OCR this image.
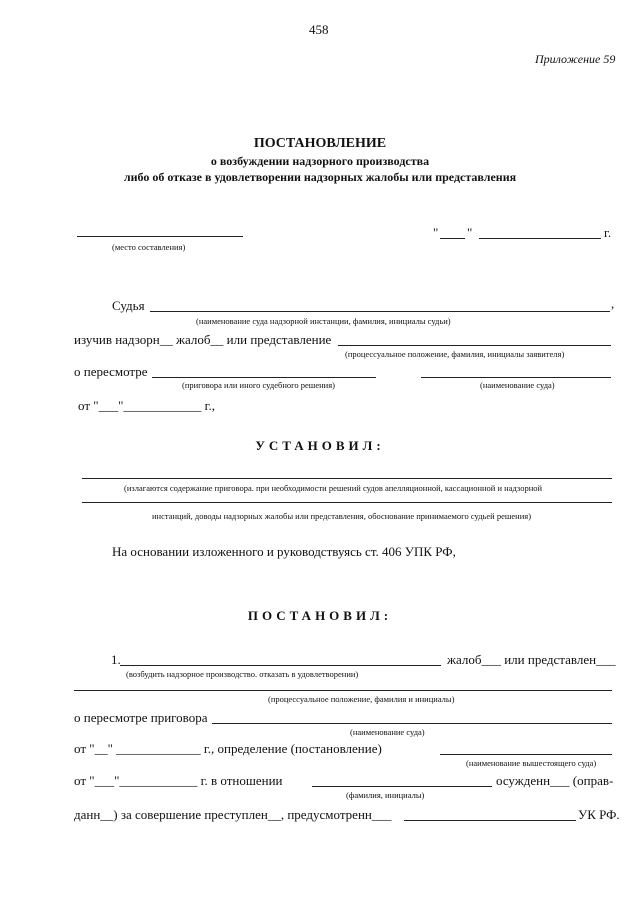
458
Приложение 59
ПОСТАНОВЛЕНИЕ
о возбуждении надзорного производства
либо об отказе в удовлетворении надзорных жалобы или представления
(место составления)
" "	г.
Судья	,
(наименование суда надзорной инстанции, фамилия, инициалы судьи)
изучив надзорн__ жалоб__ или представление
(процессуальное положение, фамилия, инициалы заявителя)
о пересмотре
(приговора или иного судебного решения)	(наименование суда)
от "___"____________ г.,
УСТАНОВИЛ:
(излагаются содержание приговора. при необходимости решений судов апелляционной, кассационной и надзорной
инстанций, доводы надзорных жалобы или представления, обоснование принимаемого судьей решения)
На основании изложенного и руководствуясь ст. 406 УПК РФ,
ПОСТАНОВИЛ:
1.	жалоб___ или представлен___
(возбудить надзорное производство. отказать в удовлетворении)
(процессуальное положение, фамилия и инициалы)
о пересмотре приговора
(наименование суда)
от "__" _____________ г., определение (постановление)
(наименование вышестоящего суда)
от "___"____________ г. в отношении	осужденн___ (оправ-
(фамилия, инициалы)
данн__) за совершение преступлен__, предусмотренн___	УК РФ.
